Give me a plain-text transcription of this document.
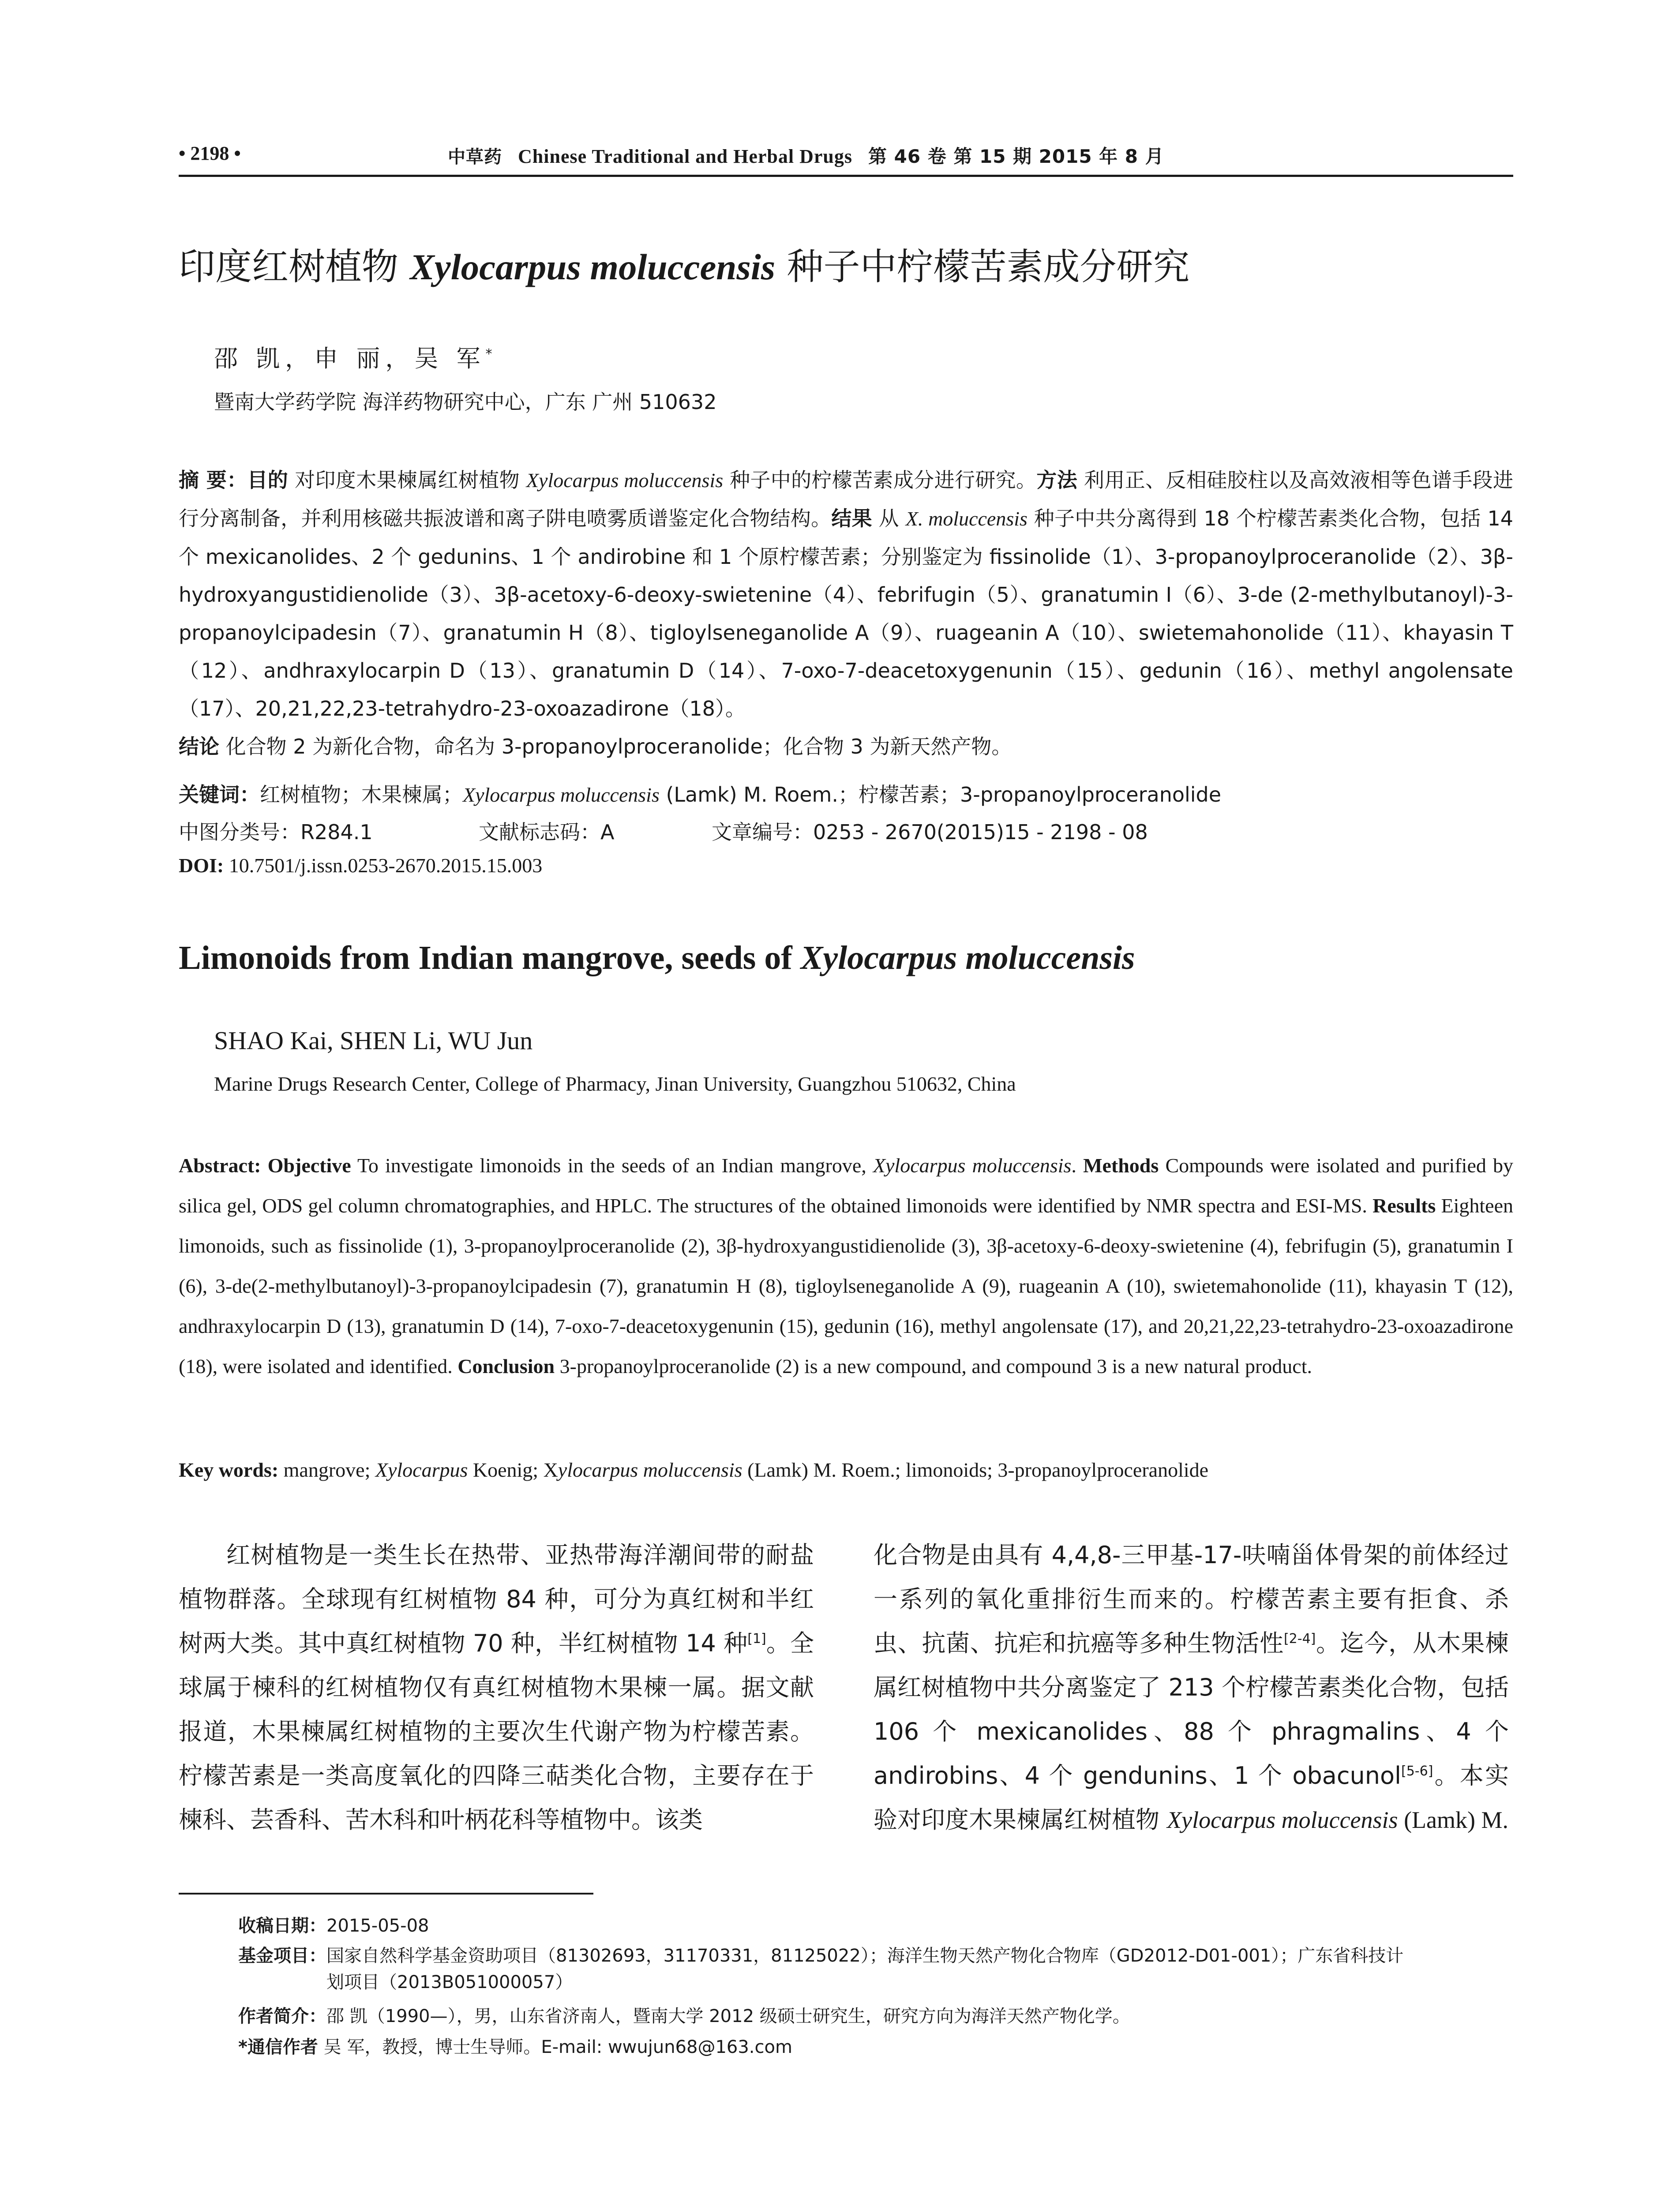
• 2198 •	中草药 Chinese Traditional and Herbal Drugs 第 46 卷 第 15 期 2015 年 8 月
印度红树植物 Xylocarpus moluccensis 种子中柠檬苦素成分研究
邵 凯，申 丽，吴 军*
暨南大学药学院 海洋药物研究中心，广东 广州 510632
摘 要：目的 对印度木果楝属红树植物 Xylocarpus moluccensis 种子中的柠檬苦素成分进行研究。方法 利用正、反相硅胶柱以及高效液相等色谱手段进行分离制备，并利用核磁共振波谱和离子阱电喷雾质谱鉴定化合物结构。结果 从 X. moluccensis 种子中共分离得到 18 个柠檬苦素类化合物，包括 14 个 mexicanolides、2 个 gedunins、1 个 andirobine 和 1 个原柠檬苦素；分别鉴定为 fissinolide（1）、3-propanoylproceranolide（2）、3β-hydroxyangustidienolide（3）、3β-acetoxy-6-deoxy-swietenine（4）、febrifugin（5）、granatumin I（6）、3-de (2-methylbutanoyl)-3-propanoylcipadesin（7）、granatumin H（8）、tigloylseneganolide A（9）、ruageanin A（10）、swietemahonolide（11）、khayasin T（12）、andhraxylocarpin D（13）、granatumin D（14）、7-oxo-7-deacetoxygenunin（15）、gedunin（16）、methyl angolensate（17）、20,21,22,23-tetrahydro-23-oxoazadirone（18）。
结论 化合物 2 为新化合物，命名为 3-propanoylproceranolide；化合物 3 为新天然产物。
关键词：红树植物；木果楝属；Xylocarpus moluccensis (Lamk) M. Roem.；柠檬苦素；3-propanoylproceranolide
中图分类号：R284.1	文献标志码：A	文章编号：0253 - 2670(2015)15 - 2198 - 08
DOI: 10.7501/j.issn.0253-2670.2015.15.003
Limonoids from Indian mangrove, seeds of Xylocarpus moluccensis
SHAO Kai, SHEN Li, WU Jun
Marine Drugs Research Center, College of Pharmacy, Jinan University, Guangzhou 510632, China
Abstract: Objective To investigate limonoids in the seeds of an Indian mangrove, Xylocarpus moluccensis. Methods Compounds were isolated and purified by silica gel, ODS gel column chromatographies, and HPLC. The structures of the obtained limonoids were identified by NMR spectra and ESI-MS. Results Eighteen limonoids, such as fissinolide (1), 3-propanoylproceranolide (2), 3β-hydroxyangustidienolide (3), 3β-acetoxy-6-deoxy-swietenine (4), febrifugin (5), granatumin I (6), 3-de(2-methylbutanoyl)-3-propanoylcipadesin (7), granatumin H (8), tigloylseneganolide A (9), ruageanin A (10), swietemahonolide (11), khayasin T (12), andhraxylocarpin D (13), granatumin D (14), 7-oxo-7-deacetoxygenunin (15), gedunin (16), methyl angolensate (17), and 20,21,22,23-tetrahydro-23-oxoazadirone (18), were isolated and identified. Conclusion 3-propanoylproceranolide (2) is a new compound, and compound 3 is a new natural product.
Key words: mangrove; Xylocarpus Koenig; Xylocarpus moluccensis (Lamk) M. Roem.; limonoids; 3-propanoylproceranolide
红树植物是一类生长在热带、亚热带海洋潮间带的耐盐植物群落。全球现有红树植物 84 种，可分为真红树和半红树两大类。其中真红树植物 70 种，半红树植物 14 种[1]。全球属于楝科的红树植物仅有真红树植物木果楝一属。据文献报道，木果楝属红树植物的主要次生代谢产物为柠檬苦素。柠檬苦素是一类高度氧化的四降三萜类化合物，主要存在于楝科、芸香科、苦木科和叶柄花科等植物中。该类
化合物是由具有 4,4,8-三甲基-17-呋喃甾体骨架的前体经过一系列的氧化重排衍生而来的。柠檬苦素主要有拒食、杀虫、抗菌、抗疟和抗癌等多种生物活性[2-4]。迄今，从木果楝属红树植物中共分离鉴定了 213 个柠檬苦素类化合物，包括 106 个 mexicanolides、88 个 phragmalins、4 个 andirobins、4 个 gendunins、1 个 obacunol[5-6]。本实验对印度木果楝属红树植物 Xylocarpus moluccensis (Lamk) M.
收稿日期：2015-05-08
基金项目：国家自然科学基金资助项目（81302693，31170331，81125022）；海洋生物天然产物化合物库（GD2012-D01-001）；广东省科技计
划项目（2013B051000057）
作者简介：邵 凯（1990—），男，山东省济南人，暨南大学 2012 级硕士研究生，研究方向为海洋天然产物化学。
*通信作者 吴 军，教授，博士生导师。E-mail: wwujun68@163.com
